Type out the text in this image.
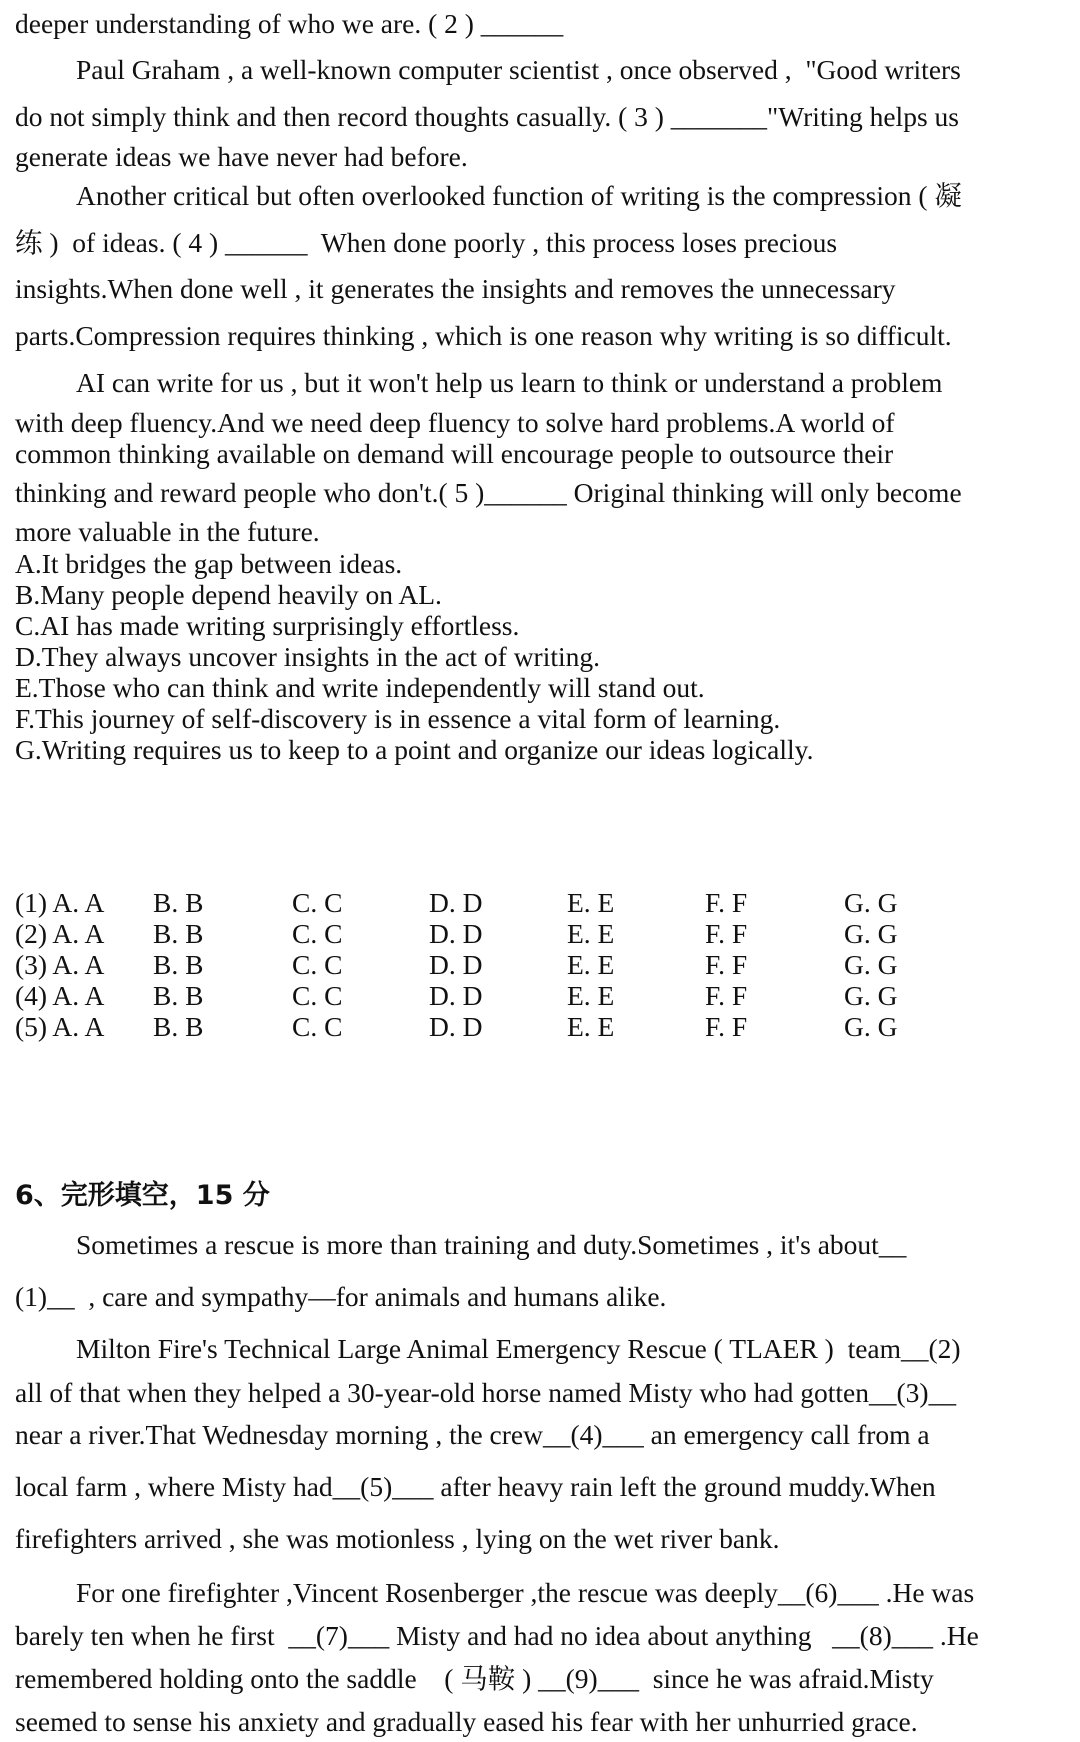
deeper understanding of who we are. ( 2 ) ______
Paul Graham , a well-known computer scientist , once observed ,  "Good writers
do not simply think and then record thoughts casually. ( 3 ) _______"Writing helps us
generate ideas we have never had before.
Another critical but often overlooked function of writing is the compression ( 凝
练 )  of ideas. ( 4 ) ______  When done poorly , this process loses precious
insights.When done well , it generates the insights and removes the unnecessary
parts.Compression requires thinking , which is one reason why writing is so difficult.
AI can write for us , but it won't help us learn to think or understand a problem
with deep fluency.And we need deep fluency to solve hard problems.A world of
common thinking available on demand will encourage people to outsource their
thinking and reward people who don't.( 5 )______ Original thinking will only become
more valuable in the future.
A.It bridges the gap between ideas.
B.Many people depend heavily on AL.
C.AI has made writing surprisingly effortless.
D.They always uncover insights in the act of writing.
E.Those who can think and write independently will stand out.
F.This journey of self-discovery is in essence a vital form of learning.
G.Writing requires us to keep to a point and organize our ideas logically.
(1) A. A B. B	C. C	D. D	E. E	F. F	G. G
(2) A. A B. B	C. C	D. D	E. E	F. F	G. G
(3) A. A B. B	C. C	D. D	E. E	F. F	G. G
(4) A. A B. B	C. C	D. D	E. E	F. F	G. G
(5) A. A B. B	C. C	D. D	E. E	F. F	G. G
6、完形填空，15 分
Sometimes a rescue is more than training and duty.Sometimes , it's about__
(1)__  , care and sympathy—for animals and humans alike.
Milton Fire's Technical Large Animal Emergency Rescue ( TLAER )  team__(2)
all of that when they helped a 30-year-old horse named Misty who had gotten__(3)__
near a river.That Wednesday morning , the crew__(4)___ an emergency call from a
local farm , where Misty had__(5)___ after heavy rain left the ground muddy.When
firefighters arrived , she was motionless , lying on the wet river bank.
For one firefighter ,Vincent Rosenberger ,the rescue was deeply__(6)___ .He was
barely ten when he first  __(7)___ Misty and had no idea about anything   __(8)___ .He
remembered holding onto the saddle    ( 马鞍 ) __(9)___  since he was afraid.Misty
seemed to sense his anxiety and gradually eased his fear with her unhurried grace.
